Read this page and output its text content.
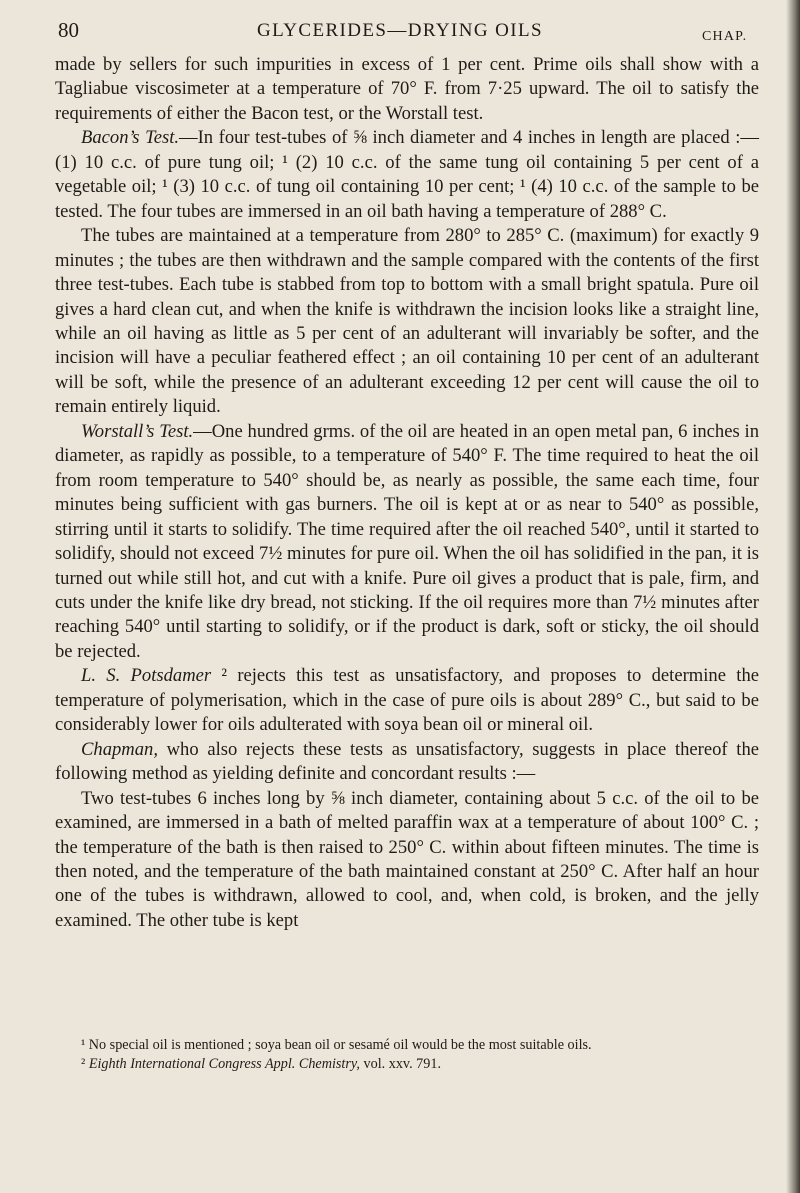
80	GLYCERIDES—DRYING OILS	CHAP.

made by sellers for such impurities in excess of 1 per cent. Prime oils shall show with a Tagliabue viscosimeter at a temperature of 70° F. from 7·25 upward. The oil to satisfy the requirements of either the Bacon test, or the Worstall test.

Bacon’s Test.—In four test-tubes of ⅝ inch diameter and 4 inches in length are placed :—(1) 10 c.c. of pure tung oil; ¹ (2) 10 c.c. of the same tung oil containing 5 per cent of a vegetable oil; ¹ (3) 10 c.c. of tung oil containing 10 per cent; ¹ (4) 10 c.c. of the sample to be tested. The four tubes are immersed in an oil bath having a temperature of 288° C.

The tubes are maintained at a temperature from 280° to 285° C. (maximum) for exactly 9 minutes ; the tubes are then withdrawn and the sample compared with the contents of the first three test-tubes. Each tube is stabbed from top to bottom with a small bright spatula. Pure oil gives a hard clean cut, and when the knife is withdrawn the incision looks like a straight line, while an oil having as little as 5 per cent of an adulterant will invariably be softer, and the incision will have a peculiar feathered effect ; an oil containing 10 per cent of an adulterant will be soft, while the presence of an adulterant exceeding 12 per cent will cause the oil to remain entirely liquid.

Worstall’s Test.—One hundred grms. of the oil are heated in an open metal pan, 6 inches in diameter, as rapidly as possible, to a temperature of 540° F. The time required to heat the oil from room temperature to 540° should be, as nearly as possible, the same each time, four minutes being sufficient with gas burners. The oil is kept at or as near to 540° as possible, stirring until it starts to solidify. The time required after the oil reached 540°, until it started to solidify, should not exceed 7½ minutes for pure oil. When the oil has solidified in the pan, it is turned out while still hot, and cut with a knife. Pure oil gives a product that is pale, firm, and cuts under the knife like dry bread, not sticking. If the oil requires more than 7½ minutes after reaching 540° until starting to solidify, or if the product is dark, soft or sticky, the oil should be rejected.

L. S. Potsdamer ² rejects this test as unsatisfactory, and proposes to determine the temperature of polymerisation, which in the case of pure oils is about 289° C., but said to be considerably lower for oils adulterated with soya bean oil or mineral oil.

Chapman, who also rejects these tests as unsatisfactory, suggests in place thereof the following method as yielding definite and concordant results :—

Two test-tubes 6 inches long by ⅝ inch diameter, containing about 5 c.c. of the oil to be examined, are immersed in a bath of melted paraffin wax at a temperature of about 100° C. ; the temperature of the bath is then raised to 250° C. within about fifteen minutes. The time is then noted, and the temperature of the bath maintained constant at 250° C. After half an hour one of the tubes is withdrawn, allowed to cool, and, when cold, is broken, and the jelly examined. The other tube is kept

¹ No special oil is mentioned ; soya bean oil or sesamé oil would be the most suitable oils.

² Eighth International Congress Appl. Chemistry, vol. xxv. 791.
